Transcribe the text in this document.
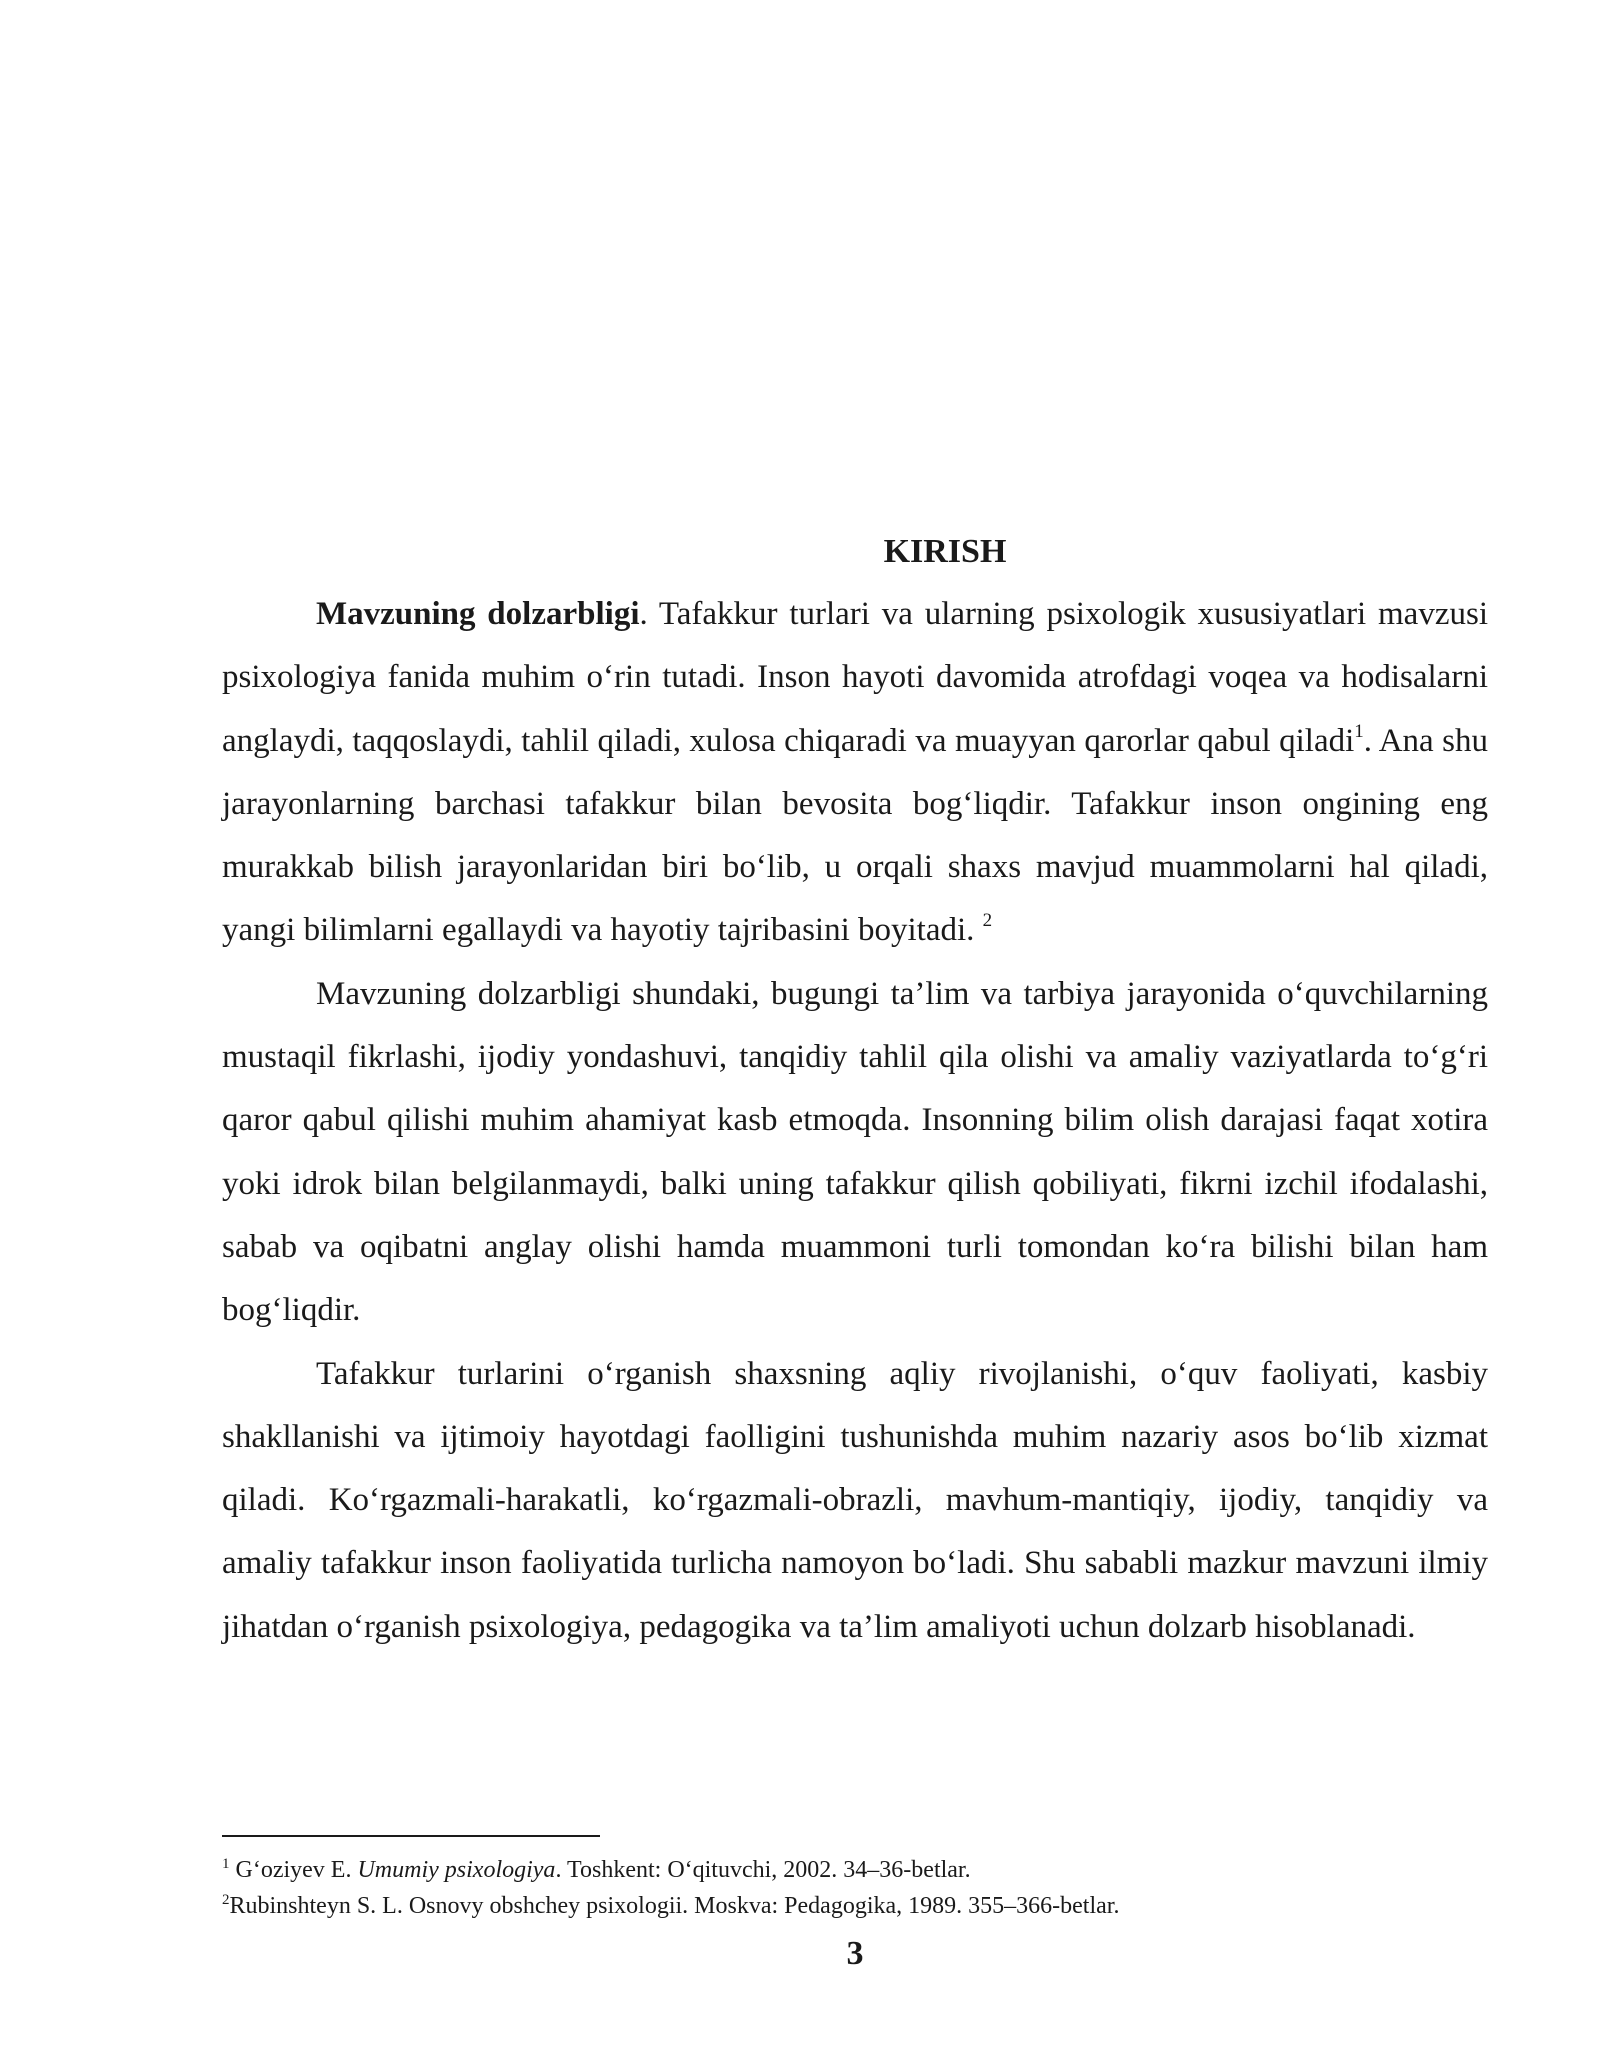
KIRISH

Mavzuning dolzarbligi. Tafakkur turlari va ularning psixologik xususiyatlari mavzusi psixologiya fanida muhim o‘rin tutadi. Inson hayoti davomida atrofdagi voqea va hodisalarni anglaydi, taqqoslaydi, tahlil qiladi, xulosa chiqaradi va muayyan qarorlar qabul qiladi$^1$. Ana shu jarayonlarning barchasi tafakkur bilan bevosita bog‘liqdir. Tafakkur inson ongining eng murakkab bilish jarayonlaridan biri bo‘lib, u orqali shaxs mavjud muammolarni hal qiladi, yangi bilimlarni egallaydi va hayotiy tajribasini boyitadi. $^2$

Mavzuning dolzarbligi shundaki, bugungi ta’lim va tarbiya jarayonida o‘quvchilarning mustaqil fikrlashi, ijodiy yondashuvi, tanqidiy tahlil qila olishi va amaliy vaziyatlarda to‘g‘ri qaror qabul qilishi muhim ahamiyat kasb etmoqda. Insonning bilim olish darajasi faqat xotira yoki idrok bilan belgilanmaydi, balki uning tafakkur qilish qobiliyati, fikrni izchil ifodalashi, sabab va oqibatni anglay olishi hamda muammoni turli tomondan ko‘ra bilishi bilan ham bog‘liqdir.

Tafakkur turlarini o‘rganish shaxsning aqliy rivojlanishi, o‘quv faoliyati, kasbiy shakllanishi va ijtimoiy hayotdagi faolligini tushunishda muhim nazariy asos bo‘lib xizmat qiladi. Ko‘rgazmali-harakatli, ko‘rgazmali-obrazli, mavhum-mantiqiy, ijodiy, tanqidiy va amaliy tafakkur inson faoliyatida turlicha namoyon bo‘ladi. Shu sababli mazkur mavzuni ilmiy jihatdan o‘rganish psixologiya, pedagogika va ta’lim amaliyoti uchun dolzarb hisoblanadi.

$^1$ G‘oziyev E. Umumiy psixologiya. Toshkent: O‘qituvchi, 2002. 34–36-betlar.

$^2$Rubinshteyn S. L. Osnovy obshchey psixologii. Moskva: Pedagogika, 1989. 355–366-betlar.

3
